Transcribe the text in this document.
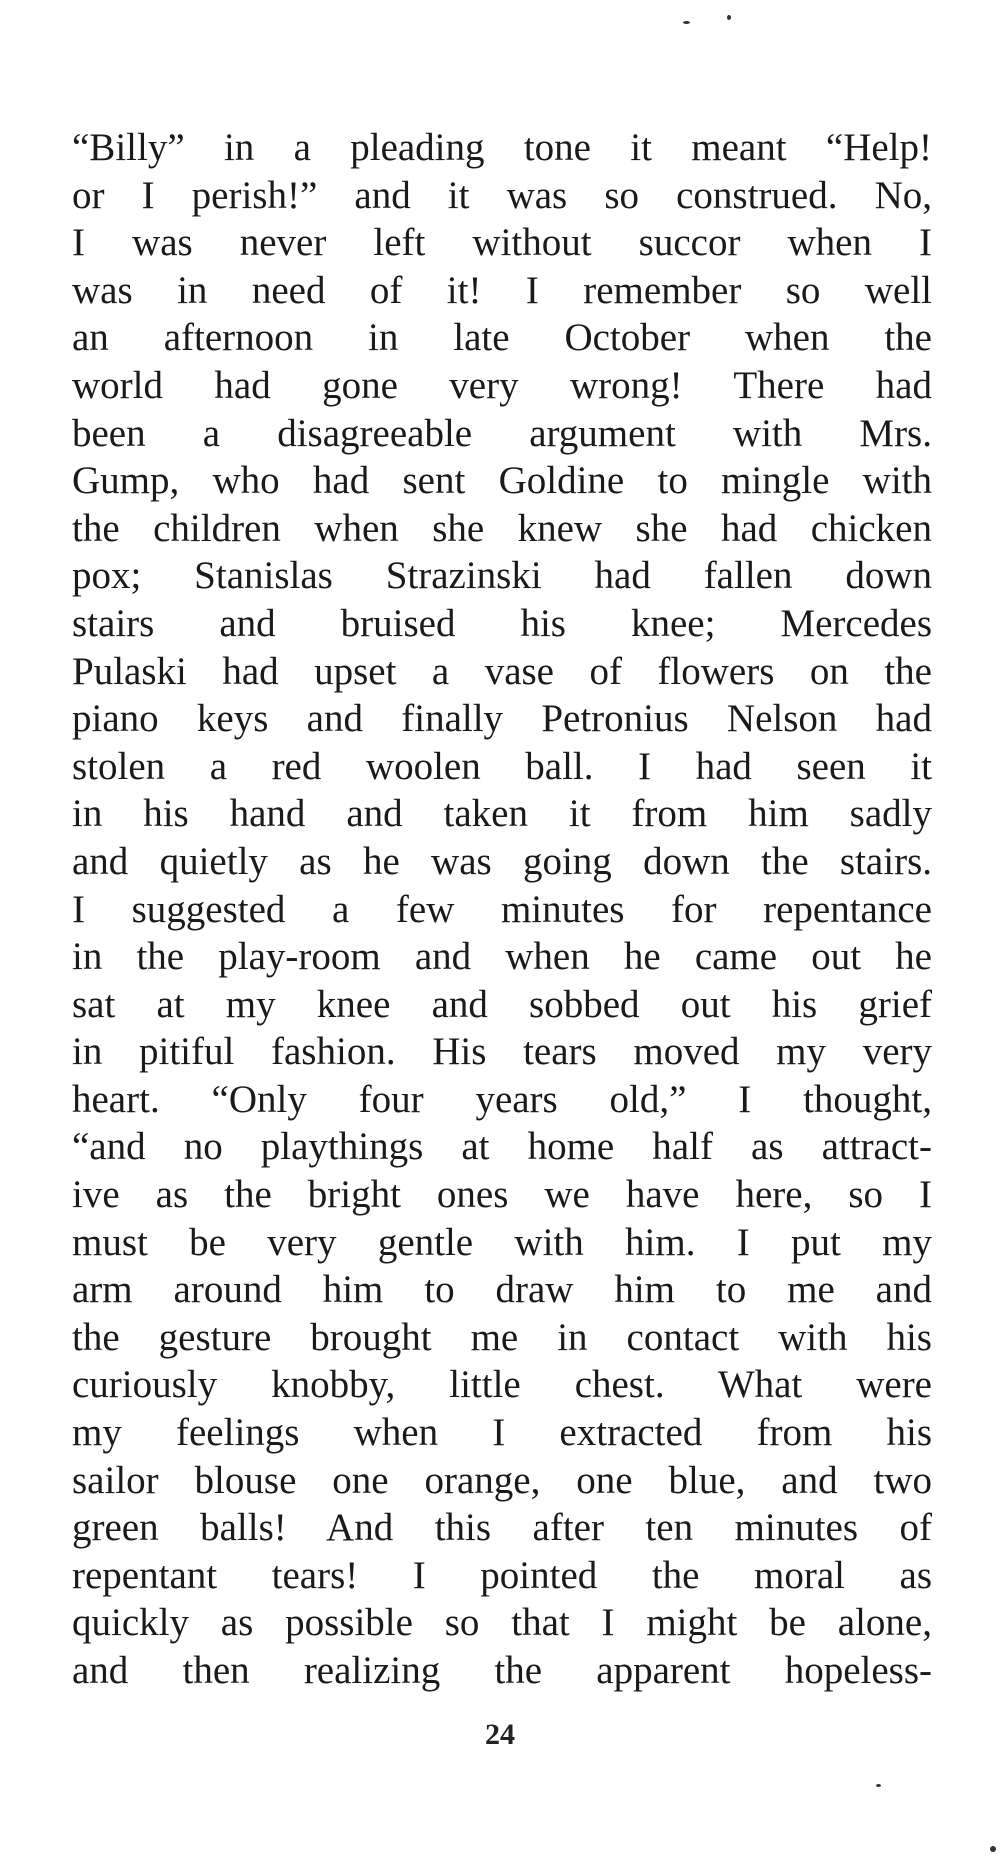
“Billy” in a pleading tone it meant “Help!
or I perish!” and it was so construed. No,
I was never left without succor when I
was in need of it! I remember so well
an afternoon in late October when the
world had gone very wrong! There had
been a disagreeable argument with Mrs.
Gump, who had sent Goldine to mingle with
the children when she knew she had chicken
pox; Stanislas Strazinski had fallen down
stairs and bruised his knee; Mercedes
Pulaski had upset a vase of flowers on the
piano keys and finally Petronius Nelson had
stolen a red woolen ball. I had seen it
in his hand and taken it from him sadly
and quietly as he was going down the stairs.
I suggested a few minutes for repentance
in the play-room and when he came out he
sat at my knee and sobbed out his grief
in pitiful fashion. His tears moved my very
heart. “Only four years old,” I thought,
“and no playthings at home half as attract-
ive as the bright ones we have here, so I
must be very gentle with him. I put my
arm around him to draw him to me and
the gesture brought me in contact with his
curiously knobby, little chest. What were
my feelings when I extracted from his
sailor blouse one orange, one blue, and two
green balls! And this after ten minutes of
repentant tears! I pointed the moral as
quickly as possible so that I might be alone,
and then realizing the apparent hopeless-
24
